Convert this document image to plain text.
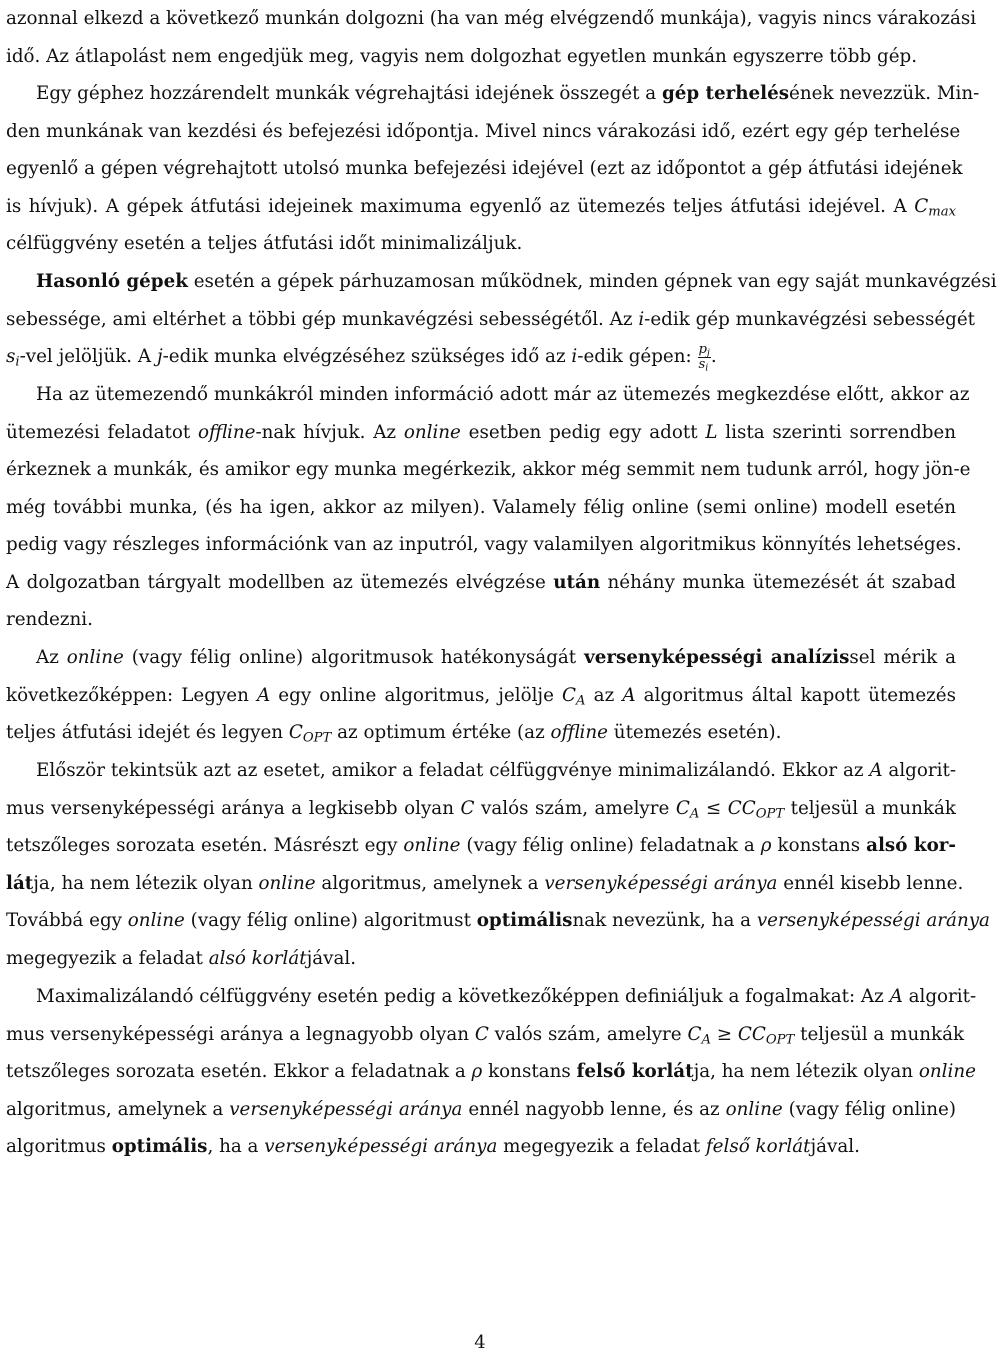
azonnal elkezd a következő munkán dolgozni (ha van még elvégzendő munkája), vagyis nincs várakozási
idő. Az átlapolást nem engedjük meg, vagyis nem dolgozhat egyetlen munkán egyszerre több gép.
Egy géphez hozzárendelt munkák végrehajtási idejének összegét a gép terhelésének nevezzük. Min-
den munkának van kezdési és befejezési időpontja. Mivel nincs várakozási idő, ezért egy gép terhelése
egyenlő a gépen végrehajtott utolsó munka befejezési idejével (ezt az időpontot a gép átfutási idejének
is hívjuk). A gépek átfutási idejeinek maximuma egyenlő az ütemezés teljes átfutási idejével. A $C_{max}$
célfüggvény esetén a teljes átfutási időt minimalizáljuk.
Hasonló gépek esetén a gépek párhuzamosan működnek, minden gépnek van egy saját munkavégzési
sebessége, ami eltérhet a többi gép munkavégzési sebességétől. Az i-edik gép munkavégzési sebességét
$s_i$-vel jelöljük. A j-edik munka elvégzéséhez szükséges idő az i-edik gépen: $\frac{p_j}{s_i}$ .
Ha az ütemezendő munkákról minden információ adott már az ütemezés megkezdése előtt, akkor az
ütemezési feladatot offline-nak hívjuk. Az online esetben pedig egy adott L lista szerinti sorrendben
érkeznek a munkák, és amikor egy munka megérkezik, akkor még semmit nem tudunk arról, hogy jön-e
még további munka, (és ha igen, akkor az milyen). Valamely félig online (semi online) modell esetén
pedig vagy részleges információnk van az inputról, vagy valamilyen algoritmikus könnyítés lehetséges.
A dolgozatban tárgyalt modellben az ütemezés elvégzése után néhány munka ütemezését át szabad
rendezni.
Az online (vagy félig online) algoritmusok hatékonyságát versenyképességi analízissel mérik a
következőképpen: Legyen A egy online algoritmus, jelölje $C_A$ az A algoritmus által kapott ütemezés
teljes átfutási idejét és legyen $C_{OPT}$ az optimum értéke (az offline ütemezés esetén).
Először tekintsük azt az esetet, amikor a feladat célfüggvénye minimalizálandó. Ekkor az A algorit-
mus versenyképességi aránya a legkisebb olyan C valós szám, amelyre $C_A \le CC_{OPT}$ teljesül a munkák
tetszőleges sorozata esetén. Másrészt egy online (vagy félig online) feladatnak a ρ konstans alsó kor-
látja, ha nem létezik olyan online algoritmus, amelynek a versenyképességi aránya ennél kisebb lenne.
Továbbá egy online (vagy félig online) algoritmust optimálisnak nevezünk, ha a versenyképességi aránya
megegyezik a feladat alsó korlátjával.
Maximalizálandó célfüggvény esetén pedig a következőképpen definiáljuk a fogalmakat: Az A algorit-
mus versenyképességi aránya a legnagyobb olyan C valós szám, amelyre $C_A \ge CC_{OPT}$ teljesül a munkák
tetszőleges sorozata esetén. Ekkor a feladatnak a ρ konstans felső korlátja, ha nem létezik olyan online
algoritmus, amelynek a versenyképességi aránya ennél nagyobb lenne, és az online (vagy félig online)
algoritmus optimális, ha a versenyképességi aránya megegyezik a feladat felső korlátjával.
4
